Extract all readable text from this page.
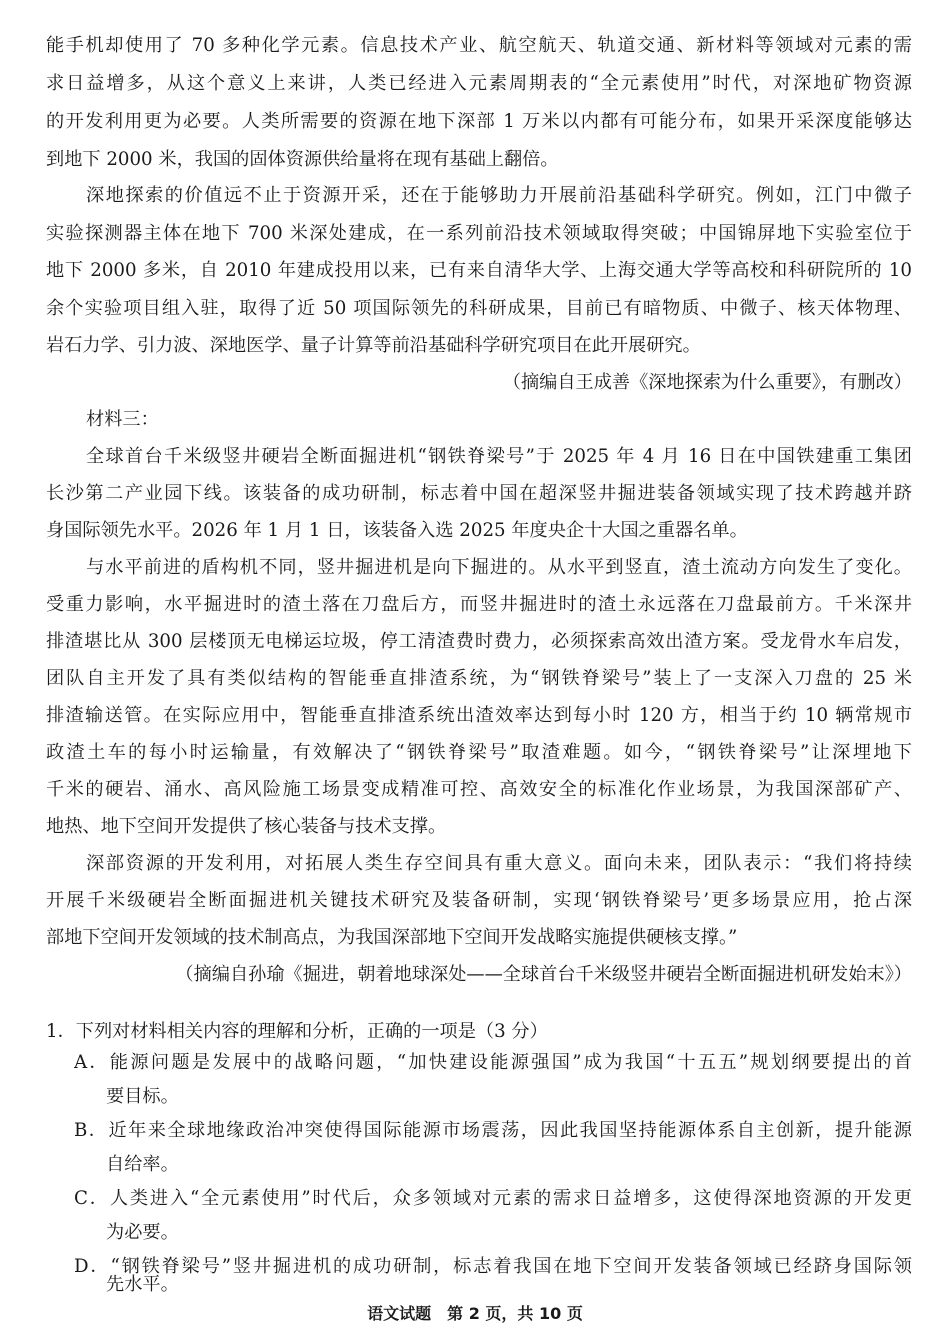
能手机却使用了 70 多种化学元素。信息技术产业、航空航天、轨道交通、新材料等领域对元素的需
求日益增多，从这个意义上来讲，人类已经进入元素周期表的“全元素使用”时代，对深地矿物资源
的开发利用更为必要。人类所需要的资源在地下深部 1 万米以内都有可能分布，如果开采深度能够达
到地下 2000 米，我国的固体资源供给量将在现有基础上翻倍。
深地探索的价值远不止于资源开采，还在于能够助力开展前沿基础科学研究。例如，江门中微子
实验探测器主体在地下 700 米深处建成，在一系列前沿技术领域取得突破；中国锦屏地下实验室位于
地下 2000 多米，自 2010 年建成投用以来，已有来自清华大学、上海交通大学等高校和科研院所的 10
余个实验项目组入驻，取得了近 50 项国际领先的科研成果，目前已有暗物质、中微子、核天体物理、
岩石力学、引力波、深地医学、量子计算等前沿基础科学研究项目在此开展研究。
（摘编自王成善《深地探索为什么重要》，有删改）
材料三：
全球首台千米级竖井硬岩全断面掘进机“钢铁脊梁号”于 2025 年 4 月 16 日在中国铁建重工集团
长沙第二产业园下线。该装备的成功研制，标志着中国在超深竖井掘进装备领域实现了技术跨越并跻
身国际领先水平。2026 年 1 月 1 日，该装备入选 2025 年度央企十大国之重器名单。
与水平前进的盾构机不同，竖井掘进机是向下掘进的。从水平到竖直，渣土流动方向发生了变化。
受重力影响，水平掘进时的渣土落在刀盘后方，而竖井掘进时的渣土永远落在刀盘最前方。千米深井
排渣堪比从 300 层楼顶无电梯运垃圾，停工清渣费时费力，必须探索高效出渣方案。受龙骨水车启发，
团队自主开发了具有类似结构的智能垂直排渣系统，为“钢铁脊梁号”装上了一支深入刀盘的 25 米
排渣输送管。在实际应用中，智能垂直排渣系统出渣效率达到每小时 120 方，相当于约 10 辆常规市
政渣土车的每小时运输量，有效解决了“钢铁脊梁号”取渣难题。如今，“钢铁脊梁号”让深埋地下
千米的硬岩、涌水、高风险施工场景变成精准可控、高效安全的标准化作业场景，为我国深部矿产、
地热、地下空间开发提供了核心装备与技术支撑。
深部资源的开发利用，对拓展人类生存空间具有重大意义。面向未来，团队表示：“我们将持续
开展千米级硬岩全断面掘进机关键技术研究及装备研制，实现‘钢铁脊梁号’更多场景应用，抢占深
部地下空间开发领域的技术制高点，为我国深部地下空间开发战略实施提供硬核支撑。”
（摘编自孙瑜《掘进，朝着地球深处——全球首台千米级竖井硬岩全断面掘进机研发始末》）
1．下列对材料相关内容的理解和分析，正确的一项是（3 分）
A．能源问题是发展中的战略问题，“加快建设能源强国”成为我国“十五五”规划纲要提出的首
要目标。
B．近年来全球地缘政治冲突使得国际能源市场震荡，因此我国坚持能源体系自主创新，提升能源
自给率。
C．人类进入“全元素使用”时代后，众多领域对元素的需求日益增多，这使得深地资源的开发更
为必要。
D．“钢铁脊梁号”竖井掘进机的成功研制，标志着我国在地下空间开发装备领域已经跻身国际领
先水平。
语文试题　第 2 页，共 10 页
